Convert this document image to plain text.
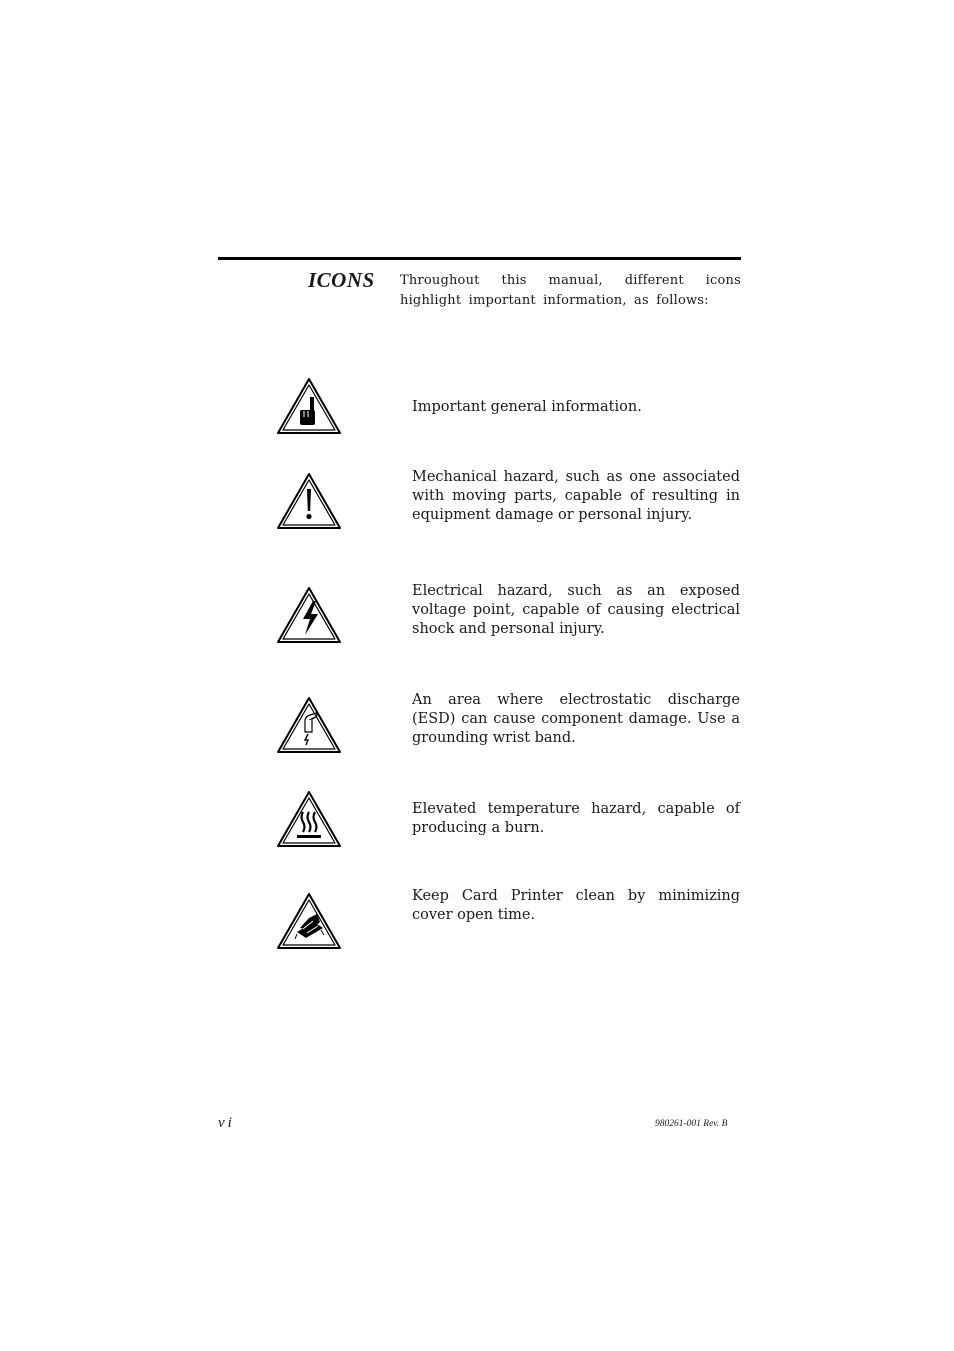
ICONS Throughout this manual, different icons highlight important information, as follows:
Important general information.
Mechanical hazard, such as one associated with moving parts, capable of resulting in equipment damage or personal injury.
Electrical hazard, such as an exposed voltage point, capable of causing electrical shock and personal injury.
An area where electrostatic discharge (ESD) can cause component damage. Use a grounding wrist band.
Elevated temperature hazard, capable of producing a burn.
Keep Card Printer clean by minimizing cover open time.
vi	980261-001 Rev. B
